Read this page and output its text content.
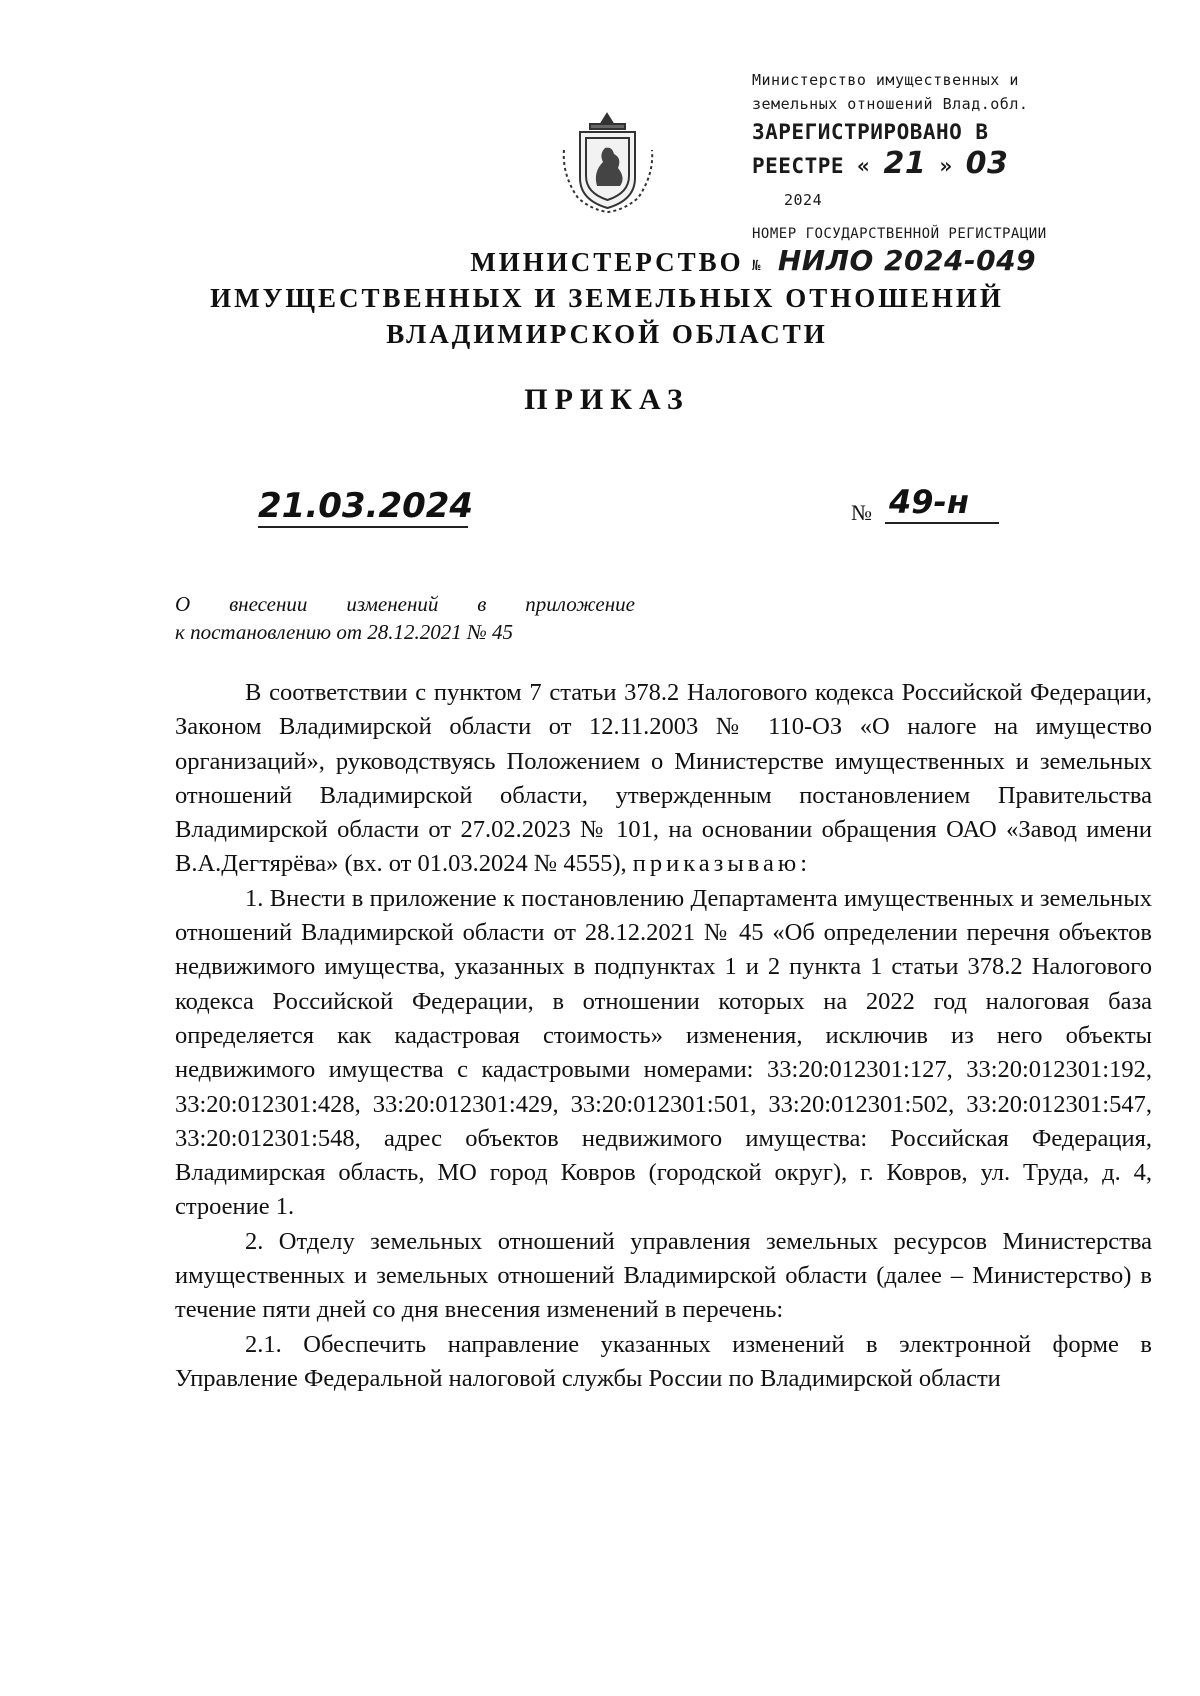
Министерство имущественных и
земельных отношений Влад.обл.
ЗАРЕГИСТРИРОВАНО В
РЕЕСТРЕ « 21 » 03 2024
НОМЕР ГОСУДАРСТВЕННОЙ РЕГИСТРАЦИИ
№ НИЛО 2024-049
МИНИСТЕРСТВО
ИМУЩЕСТВЕННЫХ И ЗЕМЕЛЬНЫХ ОТНОШЕНИЙ
ВЛАДИМИРСКОЙ ОБЛАСТИ
ПРИКАЗ
21.03.2024	№ 49-н
О внесении изменений в приложение
к постановлению от 28.12.2021 № 45

В соответствии с пунктом 7 статьи 378.2 Налогового кодекса Российской Федерации, Законом Владимирской области от 12.11.2003 № 110-ОЗ «О налоге на имущество организаций», руководствуясь Положением о Министерстве имущественных и земельных отношений Владимирской области, утвержденным постановлением Правительства Владимирской области от 27.02.2023 № 101, на основании обращения ОАО «Завод имени В.А.Дегтярёва» (вх. от 01.03.2024 № 4555), приказываю:

1. Внести в приложение к постановлению Департамента имущественных и земельных отношений Владимирской области от 28.12.2021 № 45 «Об определении перечня объектов недвижимого имущества, указанных в подпунктах 1 и 2 пункта 1 статьи 378.2 Налогового кодекса Российской Федерации, в отношении которых на 2022 год налоговая база определяется как кадастровая стоимость» изменения, исключив из него объекты недвижимого имущества с кадастровыми номерами: 33:20:012301:127, 33:20:012301:192, 33:20:012301:428, 33:20:012301:429, 33:20:012301:501, 33:20:012301:502, 33:20:012301:547, 33:20:012301:548, адрес объектов недвижимого имущества: Российская Федерация, Владимирская область, МО город Ковров (городской округ), г. Ковров, ул. Труда, д. 4, строение 1.

2. Отделу земельных отношений управления земельных ресурсов Министерства имущественных и земельных отношений Владимирской области (далее – Министерство) в течение пяти дней со дня внесения изменений в перечень:

2.1. Обеспечить направление указанных изменений в электронной форме в Управление Федеральной налоговой службы России по Владимирской области
